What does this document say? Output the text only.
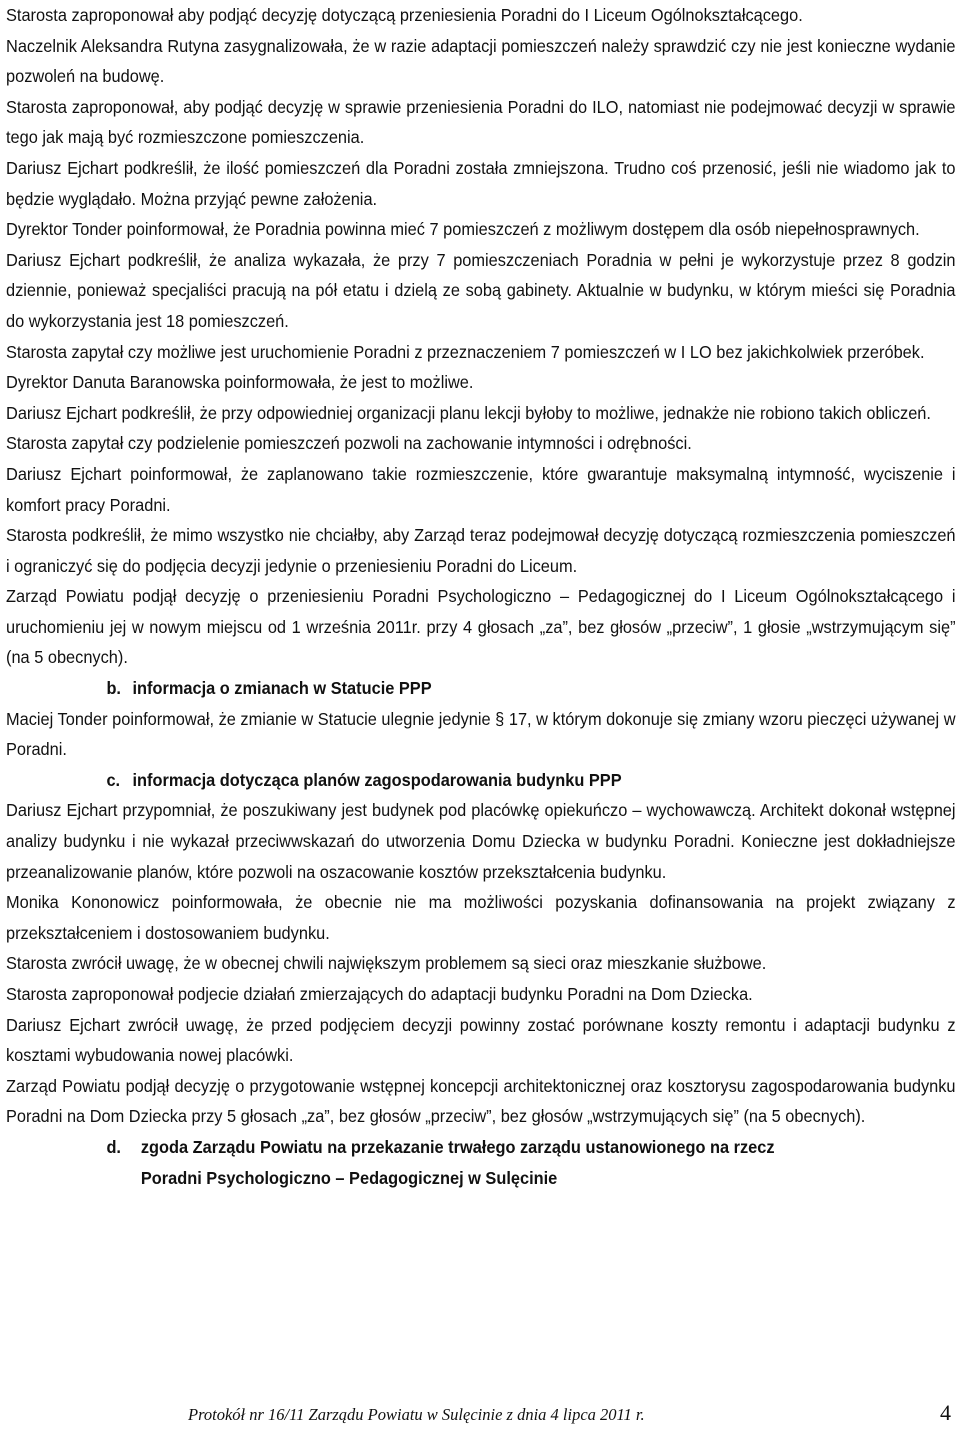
Starosta zaproponował aby podjąć decyzję dotyczącą przeniesienia Poradni do I Liceum Ogólnokształcącego.

Naczelnik Aleksandra Rutyna zasygnalizowała, że w razie adaptacji pomieszczeń należy sprawdzić czy nie jest konieczne wydanie pozwoleń na budowę.

Starosta zaproponował, aby podjąć decyzję w sprawie przeniesienia Poradni do ILO, natomiast nie podejmować decyzji w sprawie tego jak mają być rozmieszczone pomieszczenia.

Dariusz Ejchart podkreślił, że ilość pomieszczeń dla Poradni została zmniejszona. Trudno coś przenosić, jeśli nie wiadomo jak to będzie wyglądało. Można przyjąć pewne założenia.

Dyrektor Tonder poinformował, że Poradnia powinna mieć 7 pomieszczeń z możliwym dostępem dla osób niepełnosprawnych.

Dariusz Ejchart podkreślił, że analiza wykazała, że przy 7 pomieszczeniach Poradnia w pełni je wykorzystuje przez 8 godzin dziennie, ponieważ specjaliści pracują na pół etatu i dzielą ze sobą gabinety. Aktualnie w budynku, w którym mieści się Poradnia do wykorzystania jest 18 pomieszczeń.

Starosta zapytał czy możliwe jest uruchomienie Poradni z przeznaczeniem 7 pomieszczeń w I LO bez jakichkolwiek przeróbek.

Dyrektor Danuta Baranowska poinformowała, że jest to możliwe.

Dariusz Ejchart podkreślił, że przy odpowiedniej organizacji planu lekcji byłoby to możliwe, jednakże nie robiono takich obliczeń.

Starosta zapytał czy podzielenie pomieszczeń pozwoli na zachowanie intymności i odrębności.

Dariusz Ejchart poinformował, że zaplanowano takie rozmieszczenie, które gwarantuje maksymalną intymność, wyciszenie i komfort pracy Poradni.

Starosta podkreślił, że mimo wszystko nie chciałby, aby Zarząd teraz podejmował decyzję dotyczącą rozmieszczenia pomieszczeń i ograniczyć się do podjęcia decyzji jedynie o przeniesieniu Poradni do Liceum.

Zarząd Powiatu podjął decyzję o przeniesieniu Poradni Psychologiczno – Pedagogicznej do I Liceum Ogólnokształcącego i uruchomieniu jej w nowym miejscu od 1 września 2011r. przy 4 głosach „za”, bez głosów „przeciw”, 1 głosie „wstrzymującym się” (na 5 obecnych).

b. informacja o zmianach w Statucie PPP

Maciej Tonder poinformował, że zmianie w Statucie ulegnie jedynie § 17, w którym dokonuje się zmiany wzoru pieczęci używanej w Poradni.

c. informacja dotycząca planów zagospodarowania budynku PPP

Dariusz Ejchart przypomniał, że poszukiwany jest budynek pod placówkę opiekuńczo – wychowawczą. Architekt dokonał wstępnej analizy budynku i nie wykazał przeciwwskazań do utworzenia Domu Dziecka w budynku Poradni. Konieczne jest dokładniejsze przeanalizowanie planów, które pozwoli na oszacowanie kosztów przekształcenia budynku.

Monika Kononowicz poinformowała, że obecnie nie ma możliwości pozyskania dofinansowania na projekt związany z przekształceniem i dostosowaniem budynku.

Starosta zwrócił uwagę, że w obecnej chwili największym problemem są sieci oraz mieszkanie służbowe.

Starosta zaproponował podjecie działań zmierzających do adaptacji budynku Poradni na Dom Dziecka.

Dariusz Ejchart zwrócił uwagę, że przed podjęciem decyzji powinny zostać porównane koszty remontu i adaptacji budynku z kosztami wybudowania nowej placówki.

Zarząd Powiatu podjął decyzję o przygotowanie wstępnej koncepcji architektonicznej oraz kosztorysu zagospodarowania budynku Poradni na Dom Dziecka przy 5 głosach „za”, bez głosów „przeciw”, bez głosów „wstrzymujących się” (na 5 obecnych).

d. zgoda Zarządu Powiatu na przekazanie trwałego zarządu ustanowionego na rzecz
Poradni Psychologiczno – Pedagogicznej w Sulęcinie

Protokół nr 16/11 Zarządu Powiatu w Sulęcinie z dnia 4 lipca 2011 r.	4
